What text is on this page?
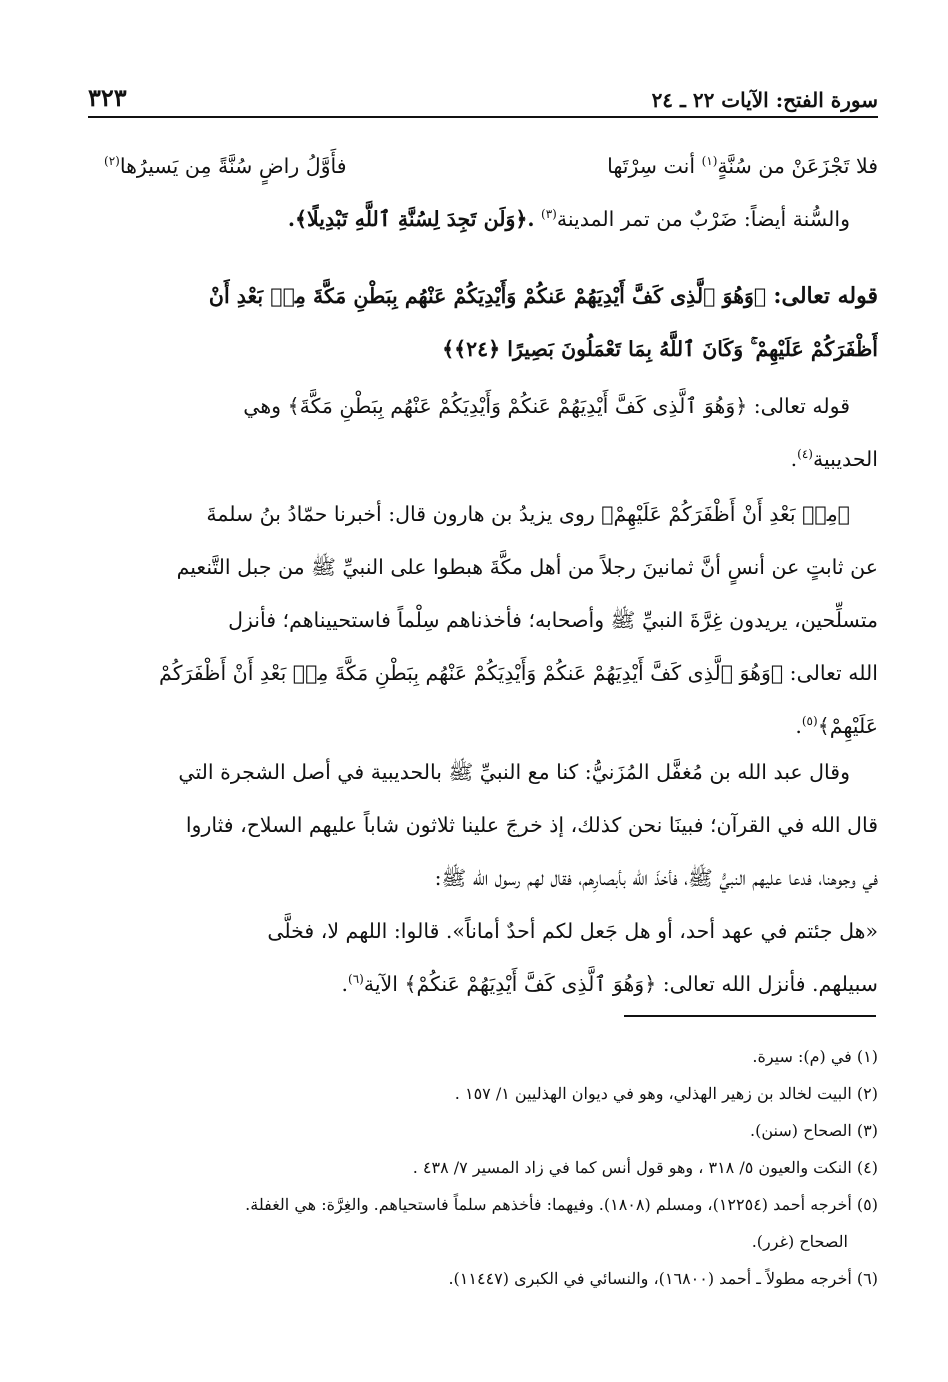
سورة الفتح: الآيات ٢٢ ـ ٢٤
٣٢٣
فلا تَجْزَعَنْ من سُنَّةٍ$^{(١)}$ أنت سِرْتَها
فأَوَّلُ راضٍ سُنَّةً مِن يَسيرُها$^{(٢)}$
والسُّنة أيضاً: ضَرْبٌ من تمر المدينة$^{(٣)}$ .﴿وَلَن تَجِدَ لِسُنَّةِ ٱللَّهِ تَبْدِيلًا﴾.
قوله تعالى: ﴿وَهُوَ ٱلَّذِى كَفَّ أَيْدِيَهُمْ عَنكُمْ وَأَيْدِيَكُمْ عَنْهُم بِبَطْنِ مَكَّةَ مِنۢ بَعْدِ أَنْ
أَظْفَرَكُمْ عَلَيْهِمْ ۚ وَكَانَ ٱللَّهُ بِمَا تَعْمَلُونَ بَصِيرًا ﴿٢٤﴾﴾
قوله تعالى: ﴿وَهُوَ ٱلَّذِى كَفَّ أَيْدِيَهُمْ عَنكُمْ وَأَيْدِيَكُمْ عَنْهُم بِبَطْنِ مَكَّةَ﴾ وهي
الحديبية$^{(٤)}$.
﴿مِنۢ بَعْدِ أَنْ أَظْفَرَكُمْ عَلَيْهِمْ﴾ روى يزيدُ بن هارون قال: أخبرنا حمّادُ بنُ سلمةَ
عن ثابتٍ عن أنسٍ أنَّ ثمانينَ رجلاً من أهل مكَّةَ هبطوا على النبيِّ ﷺ من جبل التَّنعيم
متسلِّحين، يريدون غِرَّةَ النبيِّ ﷺ وأصحابه؛ فأخذناهم سِلْماً فاستحييناهم؛ فأنزل
الله تعالى: ﴿وَهُوَ ٱلَّذِى كَفَّ أَيْدِيَهُمْ عَنكُمْ وَأَيْدِيَكُمْ عَنْهُم بِبَطْنِ مَكَّةَ مِنۢ بَعْدِ أَنْ أَظْفَرَكُمْ
عَلَيْهِمْ﴾$^{(٥)}$.
وقال عبد الله بن مُغفَّل المُزَنيُّ: كنا مع النبيِّ ﷺ بالحديبية في أصل الشجرة التي
قال الله في القرآن؛ فبينَا نحن كذلك، إذ خرجَ علينا ثلاثون شاباً عليهم السلاح، فثاروا
في وجوهنا، فدعا عليهم النبيُّ ﷺ، فأخذَ الله بأبصارِهم، فقال لهم رسول الله ﷺ:
«هل جئتم في عهد أحد، أو هل جَعل لكم أحدٌ أماناً». قالوا: اللهم لا، فخلَّى
سبيلهم. فأنزل الله تعالى: ﴿وَهُوَ ٱلَّذِى كَفَّ أَيْدِيَهُمْ عَنكُمْ﴾ الآية$^{(٦)}$.
(١) في (م): سيرة.
(٢) البيت لخالد بن زهير الهذلي، وهو في ديوان الهذليين ١/ ١٥٧ .
(٣) الصحاح (سنن).
(٤) النكت والعيون ٥/ ٣١٨ ، وهو قول أنس كما في زاد المسير ٧/ ٤٣٨ .
(٥) أخرجه أحمد (١٢٢٥٤)، ومسلم (١٨٠٨). وفيهما: فأخذهم سلماً فاستحياهم. والغِرَّة: هي الغفلة.
الصحاح (غرر).
(٦) أخرجه مطولاً ـ أحمد (١٦٨٠٠)، والنسائي في الكبرى (١١٤٤٧).
